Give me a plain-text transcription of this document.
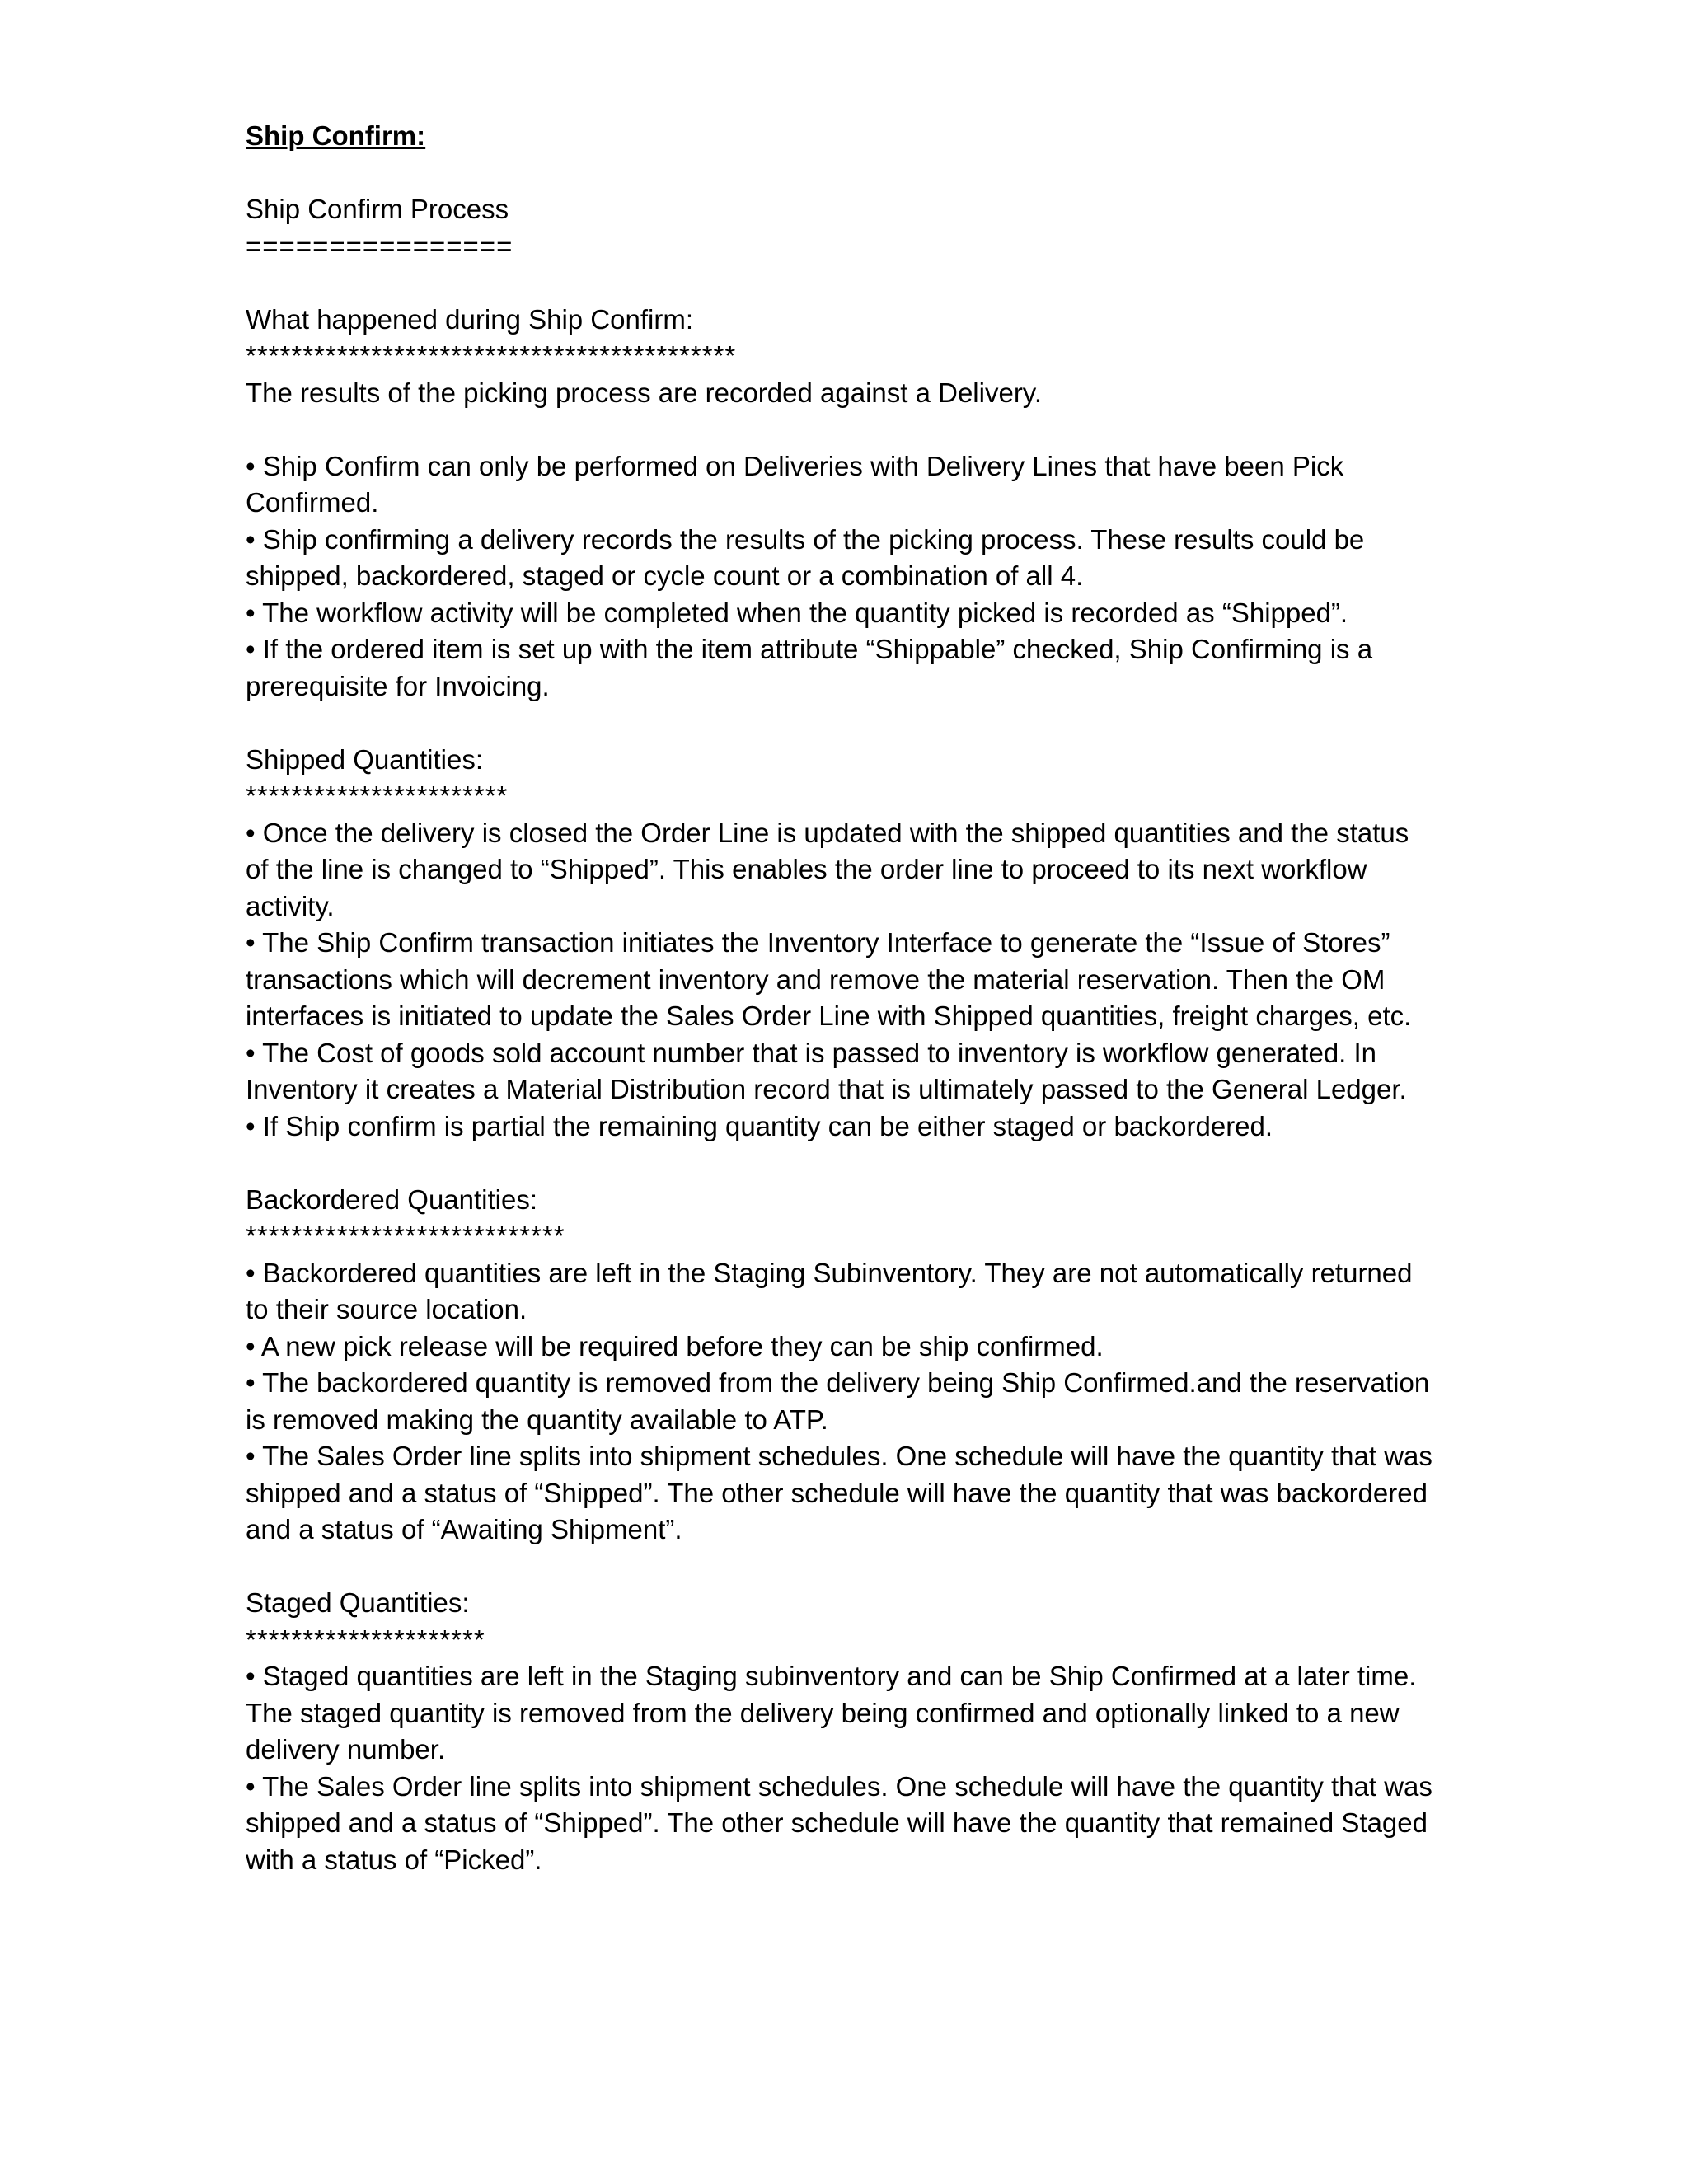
Ship Confirm:

Ship Confirm Process

================

What happened during Ship Confirm:

*******************************************

The results of the picking process are recorded against a Delivery.

• Ship Confirm can only be performed on Deliveries with Delivery Lines that have been Pick Confirmed.

• Ship confirming a delivery records the results of the picking process. These results could be shipped, backordered, staged or cycle count or a combination of all 4.

• The workflow activity will be completed when the quantity picked is recorded as “Shipped”.

• If the ordered item is set up with the item attribute “Shippable” checked, Ship Confirming is a prerequisite for Invoicing.

Shipped Quantities:

***********************

• Once the delivery is closed the Order Line is updated with the shipped quantities and the status of the line is changed to “Shipped”. This enables the order line to proceed to its next workflow activity.

• The Ship Confirm transaction initiates the Inventory Interface to generate the “Issue of Stores” transactions which will decrement inventory and remove the material reservation. Then the OM interfaces is initiated to update the Sales Order Line with Shipped quantities, freight charges, etc.

• The Cost of goods sold account number that is passed to inventory is workflow generated. In Inventory it creates a Material Distribution record that is ultimately passed to the General Ledger.

• If Ship confirm is partial the remaining quantity can be either staged or backordered.

Backordered Quantities:

****************************

• Backordered quantities are left in the Staging Subinventory. They are not automatically returned to their source location.

• A new pick release will be required before they can be ship confirmed.

• The backordered quantity is removed from the delivery being Ship Confirmed.and the reservation is removed making the quantity available to ATP.

• The Sales Order line splits into shipment schedules. One schedule will have the quantity that was shipped and a status of “Shipped”. The other schedule will have the quantity that was backordered and a status of “Awaiting Shipment”.

Staged Quantities:

*********************

• Staged quantities are left in the Staging subinventory and can be Ship Confirmed at a later time. The staged quantity is removed from the delivery being confirmed and optionally linked to a new delivery number.

• The Sales Order line splits into shipment schedules. One schedule will have the quantity that was shipped and a status of “Shipped”. The other schedule will have the quantity that remained Staged with a status of “Picked”.
